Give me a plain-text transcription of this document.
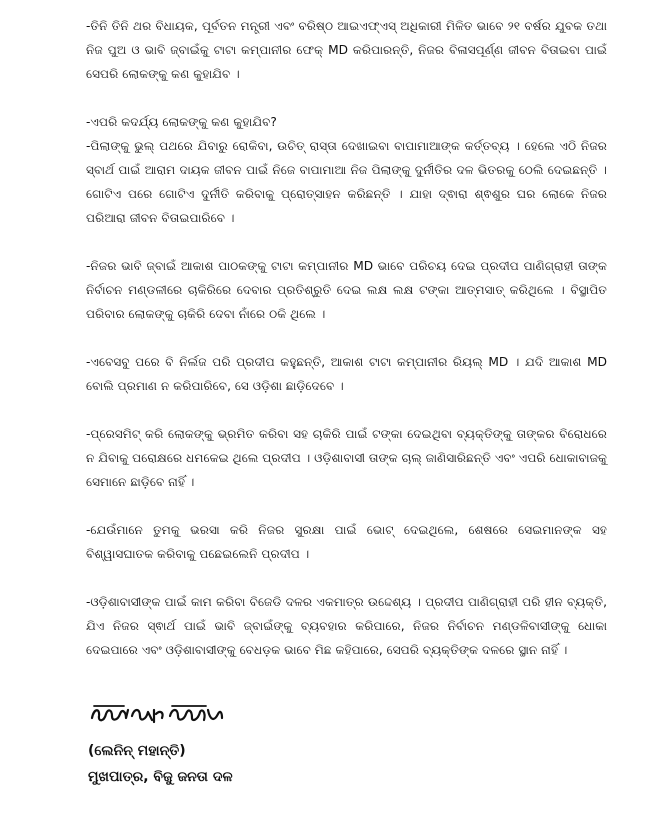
-ତିନି ତିନି ଥର ବିଧାୟକ, ପୂର୍ବତନ ମନ୍ତ୍ରୀ ଏବଂ ବରିଷ୍ଠ ଆଇଏଫ୍ଏସ୍ ଅଧିକାରୀ ମିଳିତ ଭାବେ ୨୧ ବର୍ଷର ଯୁବକ ତଥା ନିଜ ପୁଅ ଓ ଭାବି ଜ୍ବାଇଁକୁ ଟାଟା କମ୍ପାନୀର ଫେକ୍ MD କରିପାରନ୍ତି, ନିଜର ବିଳାସପୂର୍ଣ୍ଣ ଜୀବନ ବିତାଇବା ପାଇଁ ସେପରି ଲୋକଙ୍କୁ କଣ କୁହାଯିବ ।

-ଏପରି କଦର୍ଯ୍ୟ ଲୋକଙ୍କୁ କଣ କୁହାଯିବ?

-ପିଲାଙ୍କୁ ଭୁଲ୍ ପଥରେ ଯିବାରୁ ରୋକିବା, ଉଚିତ୍ ରାସ୍ତା ଦେଖାଇବା ବାପାମାଆଙ୍କ କର୍ତ୍ତବ୍ୟ । ହେଲେ ଏଠି ନିଜର ସ୍ବାର୍ଥ ପାଇଁ ଆରାମ ଦାୟକ ଜୀବନ ପାଇଁ ନିଜେ ବାପାମାଆ ନିଜ ପିଲାଙ୍କୁ ଦୁର୍ନୀତିର ଦଳ ଭିତରକୁ ଠେଲି ଦେଇଛନ୍ତି । ଗୋଟିଏ ପରେ ଗୋଟିଏ ଦୁର୍ନୀତି କରିବାକୁ ପ୍ରୋତ୍ସାହନ କରିଛନ୍ତି । ଯାହା ଦ୍ଵାରା ଶ୍ଵଶୁର ଘର ଲୋକେ ନିଜର ପରିଆରା ଜୀବନ ବିତାଇପାରିବେ ।

-ନିଜର ଭାବି ଜ୍ବାଇଁ ଆକାଶ ପାଠକଙ୍କୁ ଟାଟା କମ୍ପାନୀର MD ଭାବେ ପରିଚୟ ଦେଇ ପ୍ରଦୀପ ପାଣିଗ୍ରାହୀ ତାଙ୍କ ନିର୍ବାଚନ ମଣ୍ଡଳୀରେ ଚାକିରିରେ ଦେବାର ପ୍ରତିଶ୍ରୁତି ଦେଇ ଲକ୍ଷ ଲକ୍ଷ ଟଙ୍କା ଆତ୍ମସାତ୍ କରିଥିଲେ । ବିସ୍ଥାପିତ ପରିବାର ଲୋକଙ୍କୁ ଚାକିରି ଦେବା ନାଁରେ ଠକି ଥିଲେ ।

-ଏବେସବୁ ପରେ ବି ନିର୍ଲଜ ପରି ପ୍ରଦୀପ କହୁଛନ୍ତି, ଆକାଶ ଟାଟା କମ୍ପାନୀର ରିୟଲ୍ MD । ଯଦି ଆକାଶ MD ବୋଲି ପ୍ରମାଣ ନ କରିପାରିବେ, ସେ ଓଡ଼ିଶା ଛାଡ଼ିଦେବେ ।

-ପ୍ରେସମିଟ୍ କରି ଲୋକଙ୍କୁ ଭ୍ରମିତ କରିବା ସହ ଚାକିରି ପାଇଁ ଟଙ୍କା ଦେଇଥିବା ବ୍ୟକ୍ତିଙ୍କୁ ତାଙ୍କର ବିରୋଧରେ ନ ଯିବାକୁ ପରୋକ୍ଷରେ ଧମକେଇ ଥିଲେ ପ୍ରଦୀପ । ଓଡ଼ିଶାବାସୀ ତାଙ୍କ ଚାଲ୍ ଜାଣିସାରିଛନ୍ତି ଏବଂ ଏପରି ଧୋକାବାଜକୁ ସେମାନେ ଛାଡ଼ିବେ ନାହିଁ ।

-ଯେଉଁମାନେ ତୁମକୁ ଭରସା କରି ନିଜର ସୁରକ୍ଷା ପାଇଁ ଭୋଟ୍ ଦେଇଥିଲେ, ଶେଷରେ ସେଇମାନଙ୍କ ସହ ବିଶ୍ୱାସଘାତକ କରିବାକୁ ପଛେଇଲେନି ପ୍ରଦୀପ ।

-ଓଡ଼ିଶାବାସୀଙ୍କ ପାଇଁ କାମ କରିବା ବିଜେଡି ଦଳର ଏକମାତ୍ର ଉଦ୍ଦେଶ୍ୟ । ପ୍ରଦୀପ ପାଣିଗ୍ରାହୀ ପରି ହୀନ ବ୍ୟକ୍ତି, ଯିଏ ନିଜର ସ୍ଵାର୍ଥ ପାଇଁ ଭାବି ଜ୍ବାଇଁଙ୍କୁ ବ୍ୟବହାର କରିପାରେ, ନିଜର ନିର୍ବାଚନ ମଣ୍ଡଳିବାସୀଙ୍କୁ ଧୋକା ଦେଇପାରେ ଏବଂ ଓଡ଼ିଶାବାସୀଙ୍କୁ ବେଧଡ଼କ ଭାବେ ମିଛ କହିପାରେ, ସେପରି ବ୍ୟକ୍ତିଙ୍କ ଦଳରେ ସ୍ଥାନ ନାହିଁ ।

(ଲେନିନ୍ ମହାନ୍ତି)
ମୁଖପାତ୍ର, ବିଜୁ ଜନତା ଦଳ
